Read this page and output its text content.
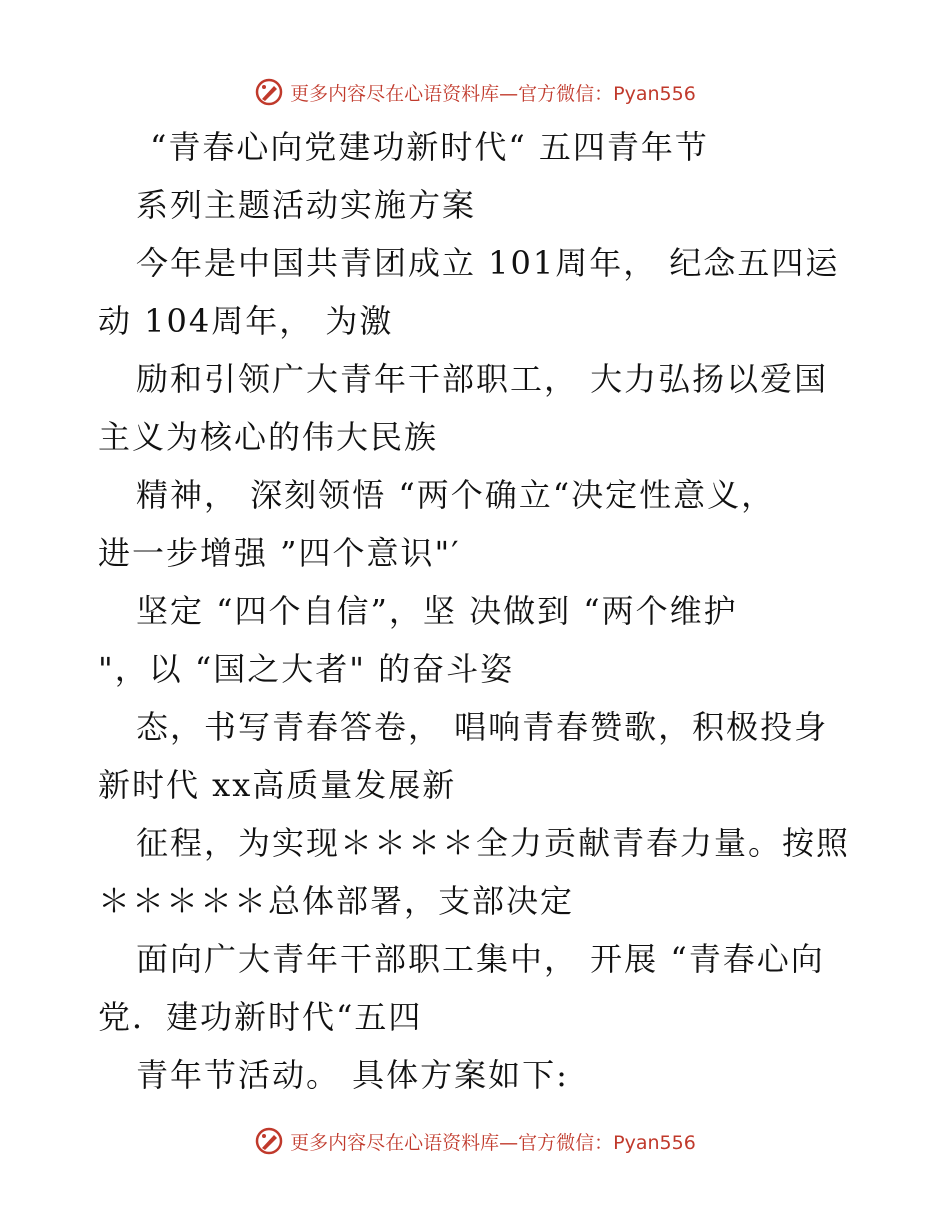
更多内容尽在心语资料库—官方微信：Pyan556
“青春心向党建功新时代“ 五四青年节
系列主题活动实施方案
今年是中国共青团成立 101周年， 纪念五四运
动 104周年， 为激
励和引领广大青年干部职工， 大力弘扬以爱国
主义为核心的伟大民族
精神， 深刻领悟 “两个确立“决定性意义，
进一步增强 ”四个意识"′
坚定 “四个自信”，坚 决做到 “两个维护
"，以 “国之大者" 的奋斗姿
态，书写青春答卷， 唱响青春赞歌，积极投身
新时代 xx高质量发展新
征程，为实现＊＊＊＊全力贡献青春力量。按照
＊＊＊＊＊总体部署，支部决定
面向广大青年干部职工集中， 开展 “青春心向
党．建功新时代“五四
青年节活动。 具体方案如下:
更多内容尽在心语资料库—官方微信：Pyan556
